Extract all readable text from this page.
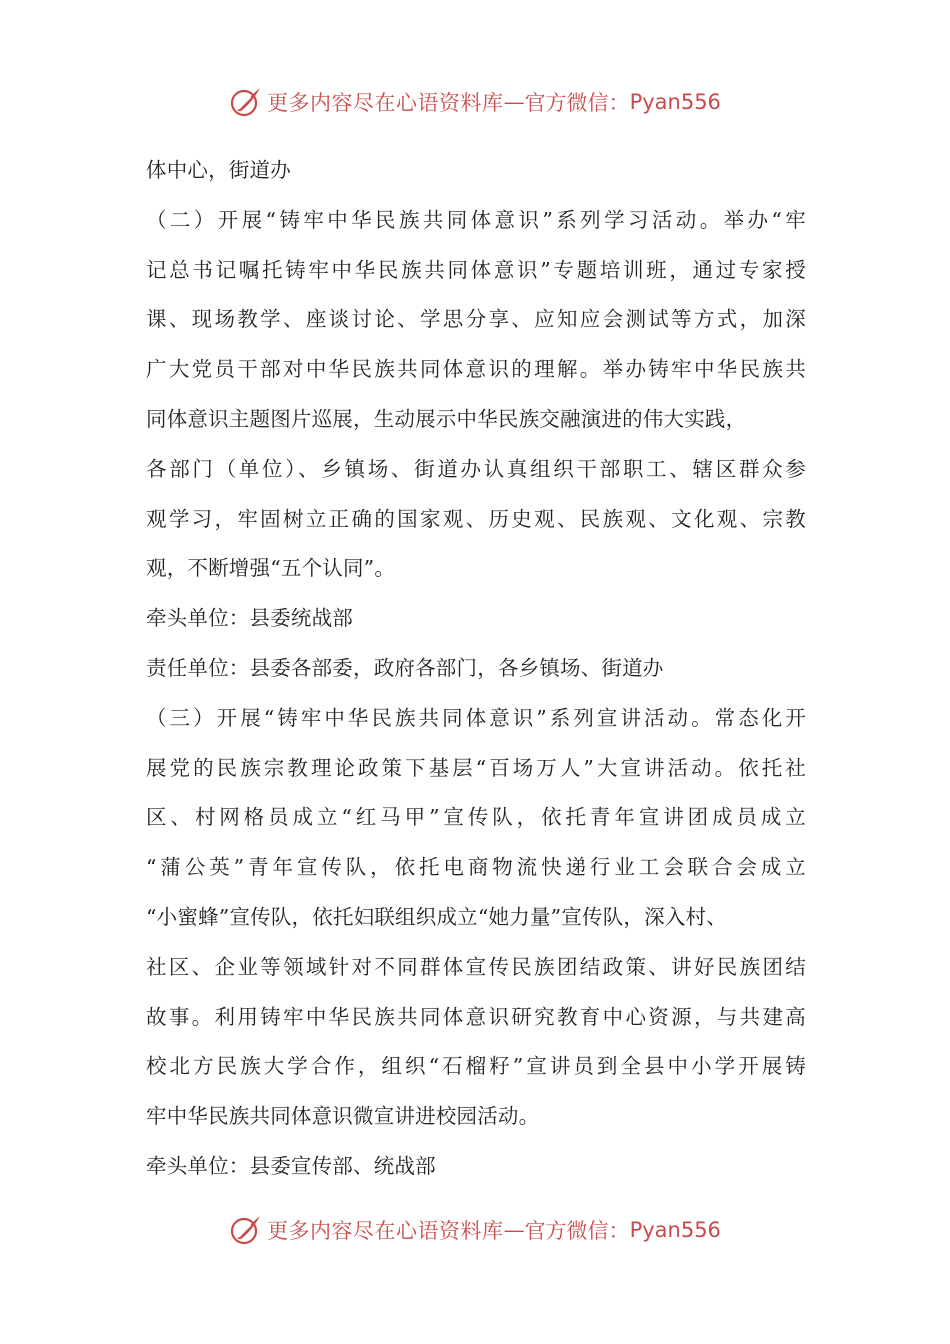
更多内容尽在心语资料库 — 官方微信： Pyan556
体中心，街道办
（二）开展“铸牢中华民族共同体意识”系列学习活动。举办“牢
记总书记嘱托铸牢中华民族共同体意识”专题培训班，通过专家授
课、现场教学、座谈讨论、学思分享、应知应会测试等方式，加深
广大党员干部对中华民族共同体意识的理解。举办铸牢中华民族共
同体意识主题图片巡展，生动展示中华民族交融演进的伟大实践，
各部门（单位）、乡镇场、街道办认真组织干部职工、辖区群众参
观学习，牢固树立正确的国家观、历史观、民族观、文化观、宗教
观，不断增强“五个认同”。
牵头单位：县委统战部
责任单位：县委各部委，政府各部门，各乡镇场、街道办
（三）开展“铸牢中华民族共同体意识”系列宣讲活动。常态化开
展党的民族宗教理论政策下基层“百场万人”大宣讲活动。依托社
区、村网格员成立“红马甲”宣传队，依托青年宣讲团成员成立
“蒲公英”青年宣传队，依托电商物流快递行业工会联合会成立
“小蜜蜂”宣传队，依托妇联组织成立“她力量”宣传队，深入村、
社区、企业等领域针对不同群体宣传民族团结政策、讲好民族团结
故事。利用铸牢中华民族共同体意识研究教育中心资源，与共建高
校北方民族大学合作，组织“石榴籽”宣讲员到全县中小学开展铸
牢中华民族共同体意识微宣讲进校园活动。
牵头单位：县委宣传部、统战部
更多内容尽在心语资料库 — 官方微信： Pyan556
